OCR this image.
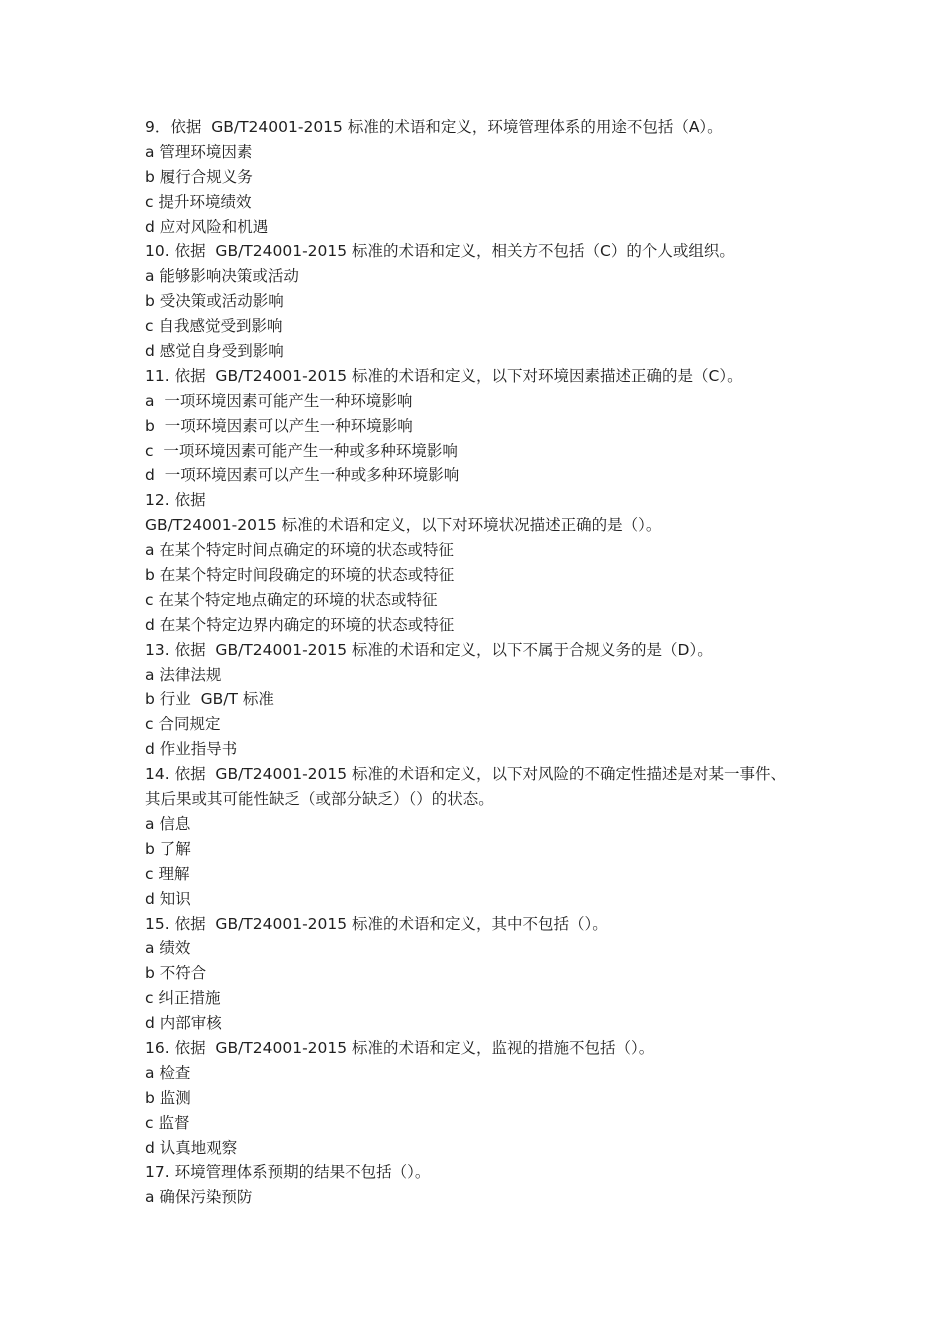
9．依据  GB/T24001-2015 标准的术语和定义，环境管理体系的用途不包括（A）。
a 管理环境因素
b 履行合规义务
c 提升环境绩效
d 应对风险和机遇
10. 依据  GB/T24001-2015 标准的术语和定义，相关方不包括（C）的个人或组织。
a 能够影响决策或活动
b 受决策或活动影响
c 自我感觉受到影响
d 感觉自身受到影响
11. 依据  GB/T24001-2015 标准的术语和定义，以下对环境因素描述正确的是（C）。
a  一项环境因素可能产生一种环境影响
b  一项环境因素可以产生一种环境影响
c  一项环境因素可能产生一种或多种环境影响
d  一项环境因素可以产生一种或多种环境影响
12. 依据
GB/T24001-2015 标准的术语和定义，以下对环境状况描述正确的是（）。
a 在某个特定时间点确定的环境的状态或特征
b 在某个特定时间段确定的环境的状态或特征
c 在某个特定地点确定的环境的状态或特征
d 在某个特定边界内确定的环境的状态或特征
13. 依据  GB/T24001-2015 标准的术语和定义，以下不属于合规义务的是（D）。
a 法律法规
b 行业  GB/T 标准
c 合同规定
d 作业指导书
14. 依据  GB/T24001-2015 标准的术语和定义，以下对风险的不确定性描述是对某一事件、
其后果或其可能性缺乏（或部分缺乏）（）的状态。
a 信息
b 了解
c 理解
d 知识
15. 依据  GB/T24001-2015 标准的术语和定义，其中不包括（）。
a 绩效
b 不符合
c 纠正措施
d 内部审核
16. 依据  GB/T24001-2015 标准的术语和定义，监视的措施不包括（）。
a 检查
b 监测
c 监督
d 认真地观察
17. 环境管理体系预期的结果不包括（）。
a 确保污染预防
